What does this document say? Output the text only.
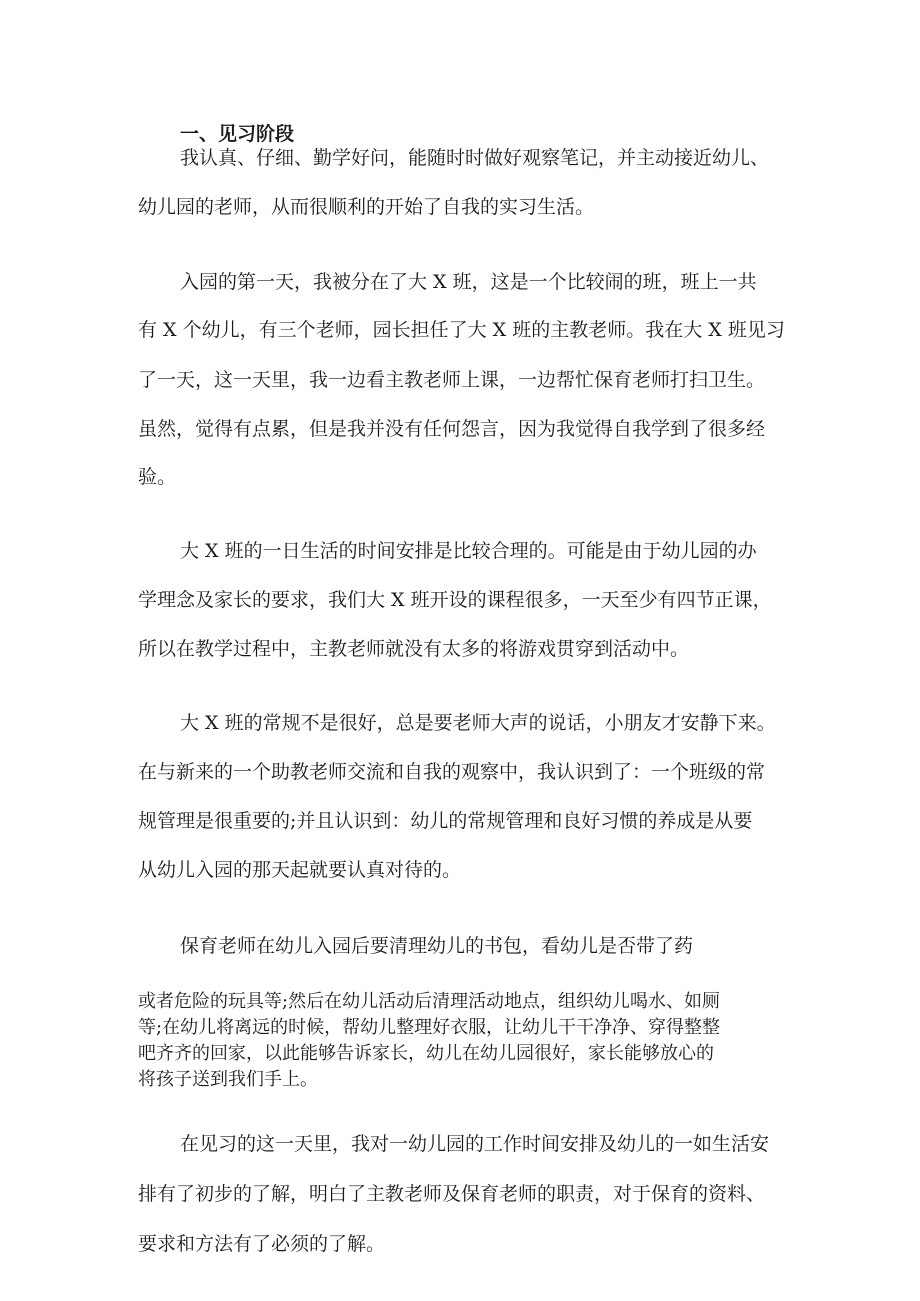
一、见习阶段
我认真、仔细、勤学好问，能随时时做好观察笔记，并主动接近幼儿、
幼儿园的老师，从而很顺利的开始了自我的实习生活。
入园的第一天，我被分在了大 X 班，这是一个比较闹的班，班上一共
有 X 个幼儿，有三个老师，园长担任了大 X 班的主教老师。我在大 X 班见习
了一天，这一天里，我一边看主教老师上课，一边帮忙保育老师打扫卫生。
虽然，觉得有点累，但是我并没有任何怨言，因为我觉得自我学到了很多经
验。
大 X 班的一日生活的时间安排是比较合理的。可能是由于幼儿园的办
学理念及家长的要求，我们大 X 班开设的课程很多，一天至少有四节正课，
所以在教学过程中，主教老师就没有太多的将游戏贯穿到活动中。
大 X 班的常规不是很好，总是要老师大声的说话，小朋友才安静下来。
在与新来的一个助教老师交流和自我的观察中，我认识到了：一个班级的常
规管理是很重要的;并且认识到：幼儿的常规管理和良好习惯的养成是从要
从幼儿入园的那天起就要认真对待的。
保育老师在幼儿入园后要清理幼儿的书包，看幼儿是否带了药
或者危险的玩具等;然后在幼儿活动后清理活动地点，组织幼儿喝水、如厕
等;在幼儿将离远的时候，帮幼儿整理好衣服，让幼儿干干净净、穿得整整
吧齐齐的回家，以此能够告诉家长，幼儿在幼儿园很好，家长能够放心的
将孩子送到我们手上。
在见习的这一天里，我对一幼儿园的工作时间安排及幼儿的一如生活安
排有了初步的了解，明白了主教老师及保育老师的职责，对于保育的资料、
要求和方法有了必须的了解。
